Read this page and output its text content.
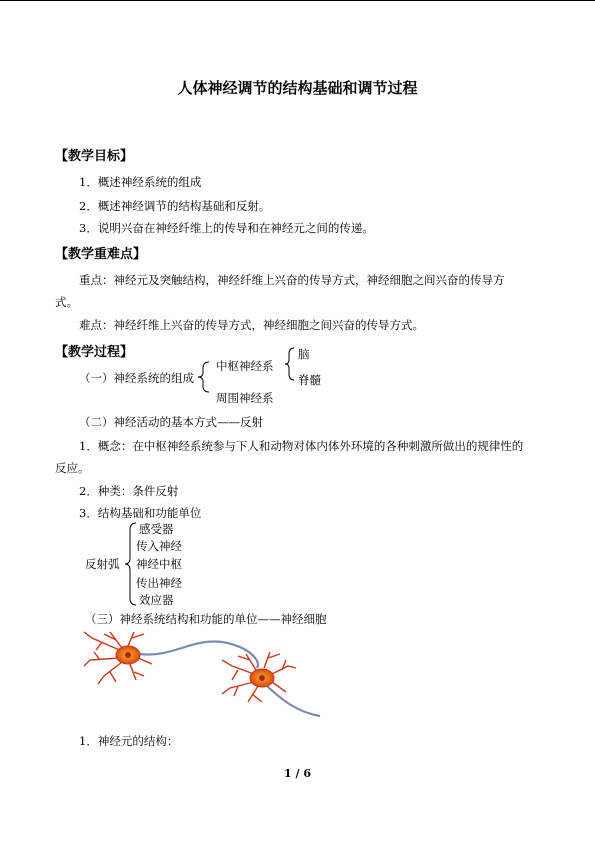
人体神经调节的结构基础和调节过程
【教学目标】
1．概述神经系统的组成
2．概述神经调节的结构基础和反射。
3．说明兴奋在神经纤维上的传导和在神经元之间的传递。
【教学重难点】
重点：神经元及突触结构，神经纤维上兴奋的传导方式，神经细胞之间兴奋的传导方
式。
难点：神经纤维上兴奋的传导方式，神经细胞之间兴奋的传导方式。
【教学过程】
（一）神经系统的组成
中枢神经系
脑
脊髓
周围神经系
（二）神经活动的基本方式——反射
1．概念：在中枢神经系统参与下人和动物对体内体外环境的各种刺激所做出的规律性的
反应。
2．种类：条件反射
3．结构基础和功能单位
反射弧
感受器
传入神经
神经中枢
传出神经
效应器
（三）神经系统结构和功能的单位——神经细胞
1．神经元的结构：
1 / 6
